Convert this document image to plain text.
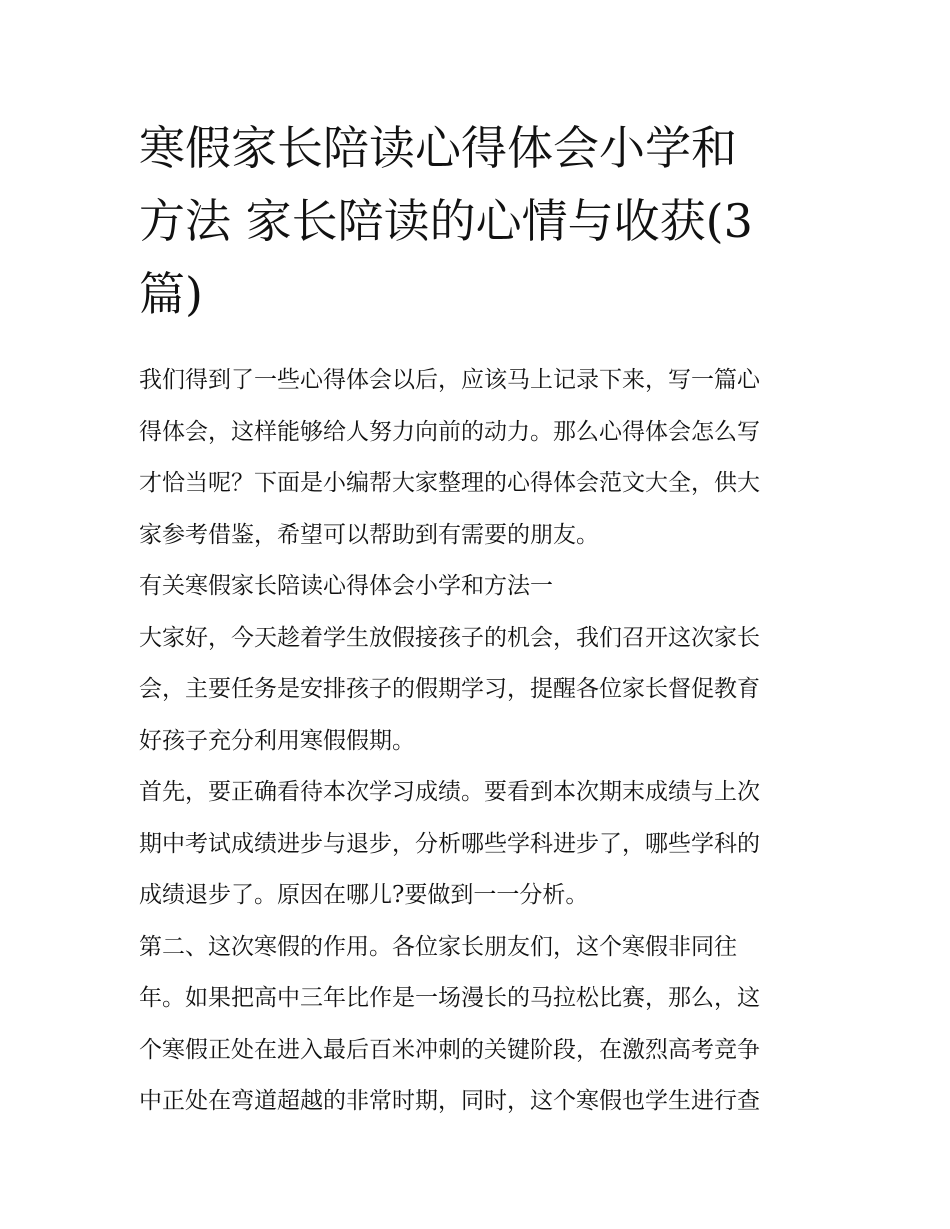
寒假家长陪读心得体会小学和
方法 家长陪读的心情与收获(3
篇)
我们得到了一些心得体会以后，应该马上记录下来，写一篇心
得体会，这样能够给人努力向前的动力。那么心得体会怎么写
才恰当呢？下面是小编帮大家整理的心得体会范文大全，供大
家参考借鉴，希望可以帮助到有需要的朋友。
有关寒假家长陪读心得体会小学和方法一
大家好，今天趁着学生放假接孩子的机会，我们召开这次家长
会，主要任务是安排孩子的假期学习，提醒各位家长督促教育
好孩子充分利用寒假假期。
首先，要正确看待本次学习成绩。要看到本次期末成绩与上次
期中考试成绩进步与退步，分析哪些学科进步了，哪些学科的
成绩退步了。原因在哪儿?要做到一一分析。
第二、这次寒假的作用。各位家长朋友们，这个寒假非同往
年。如果把高中三年比作是一场漫长的马拉松比赛，那么，这
个寒假正处在进入最后百米冲刺的关键阶段，在激烈高考竞争
中正处在弯道超越的非常时期，同时，这个寒假也学生进行查
